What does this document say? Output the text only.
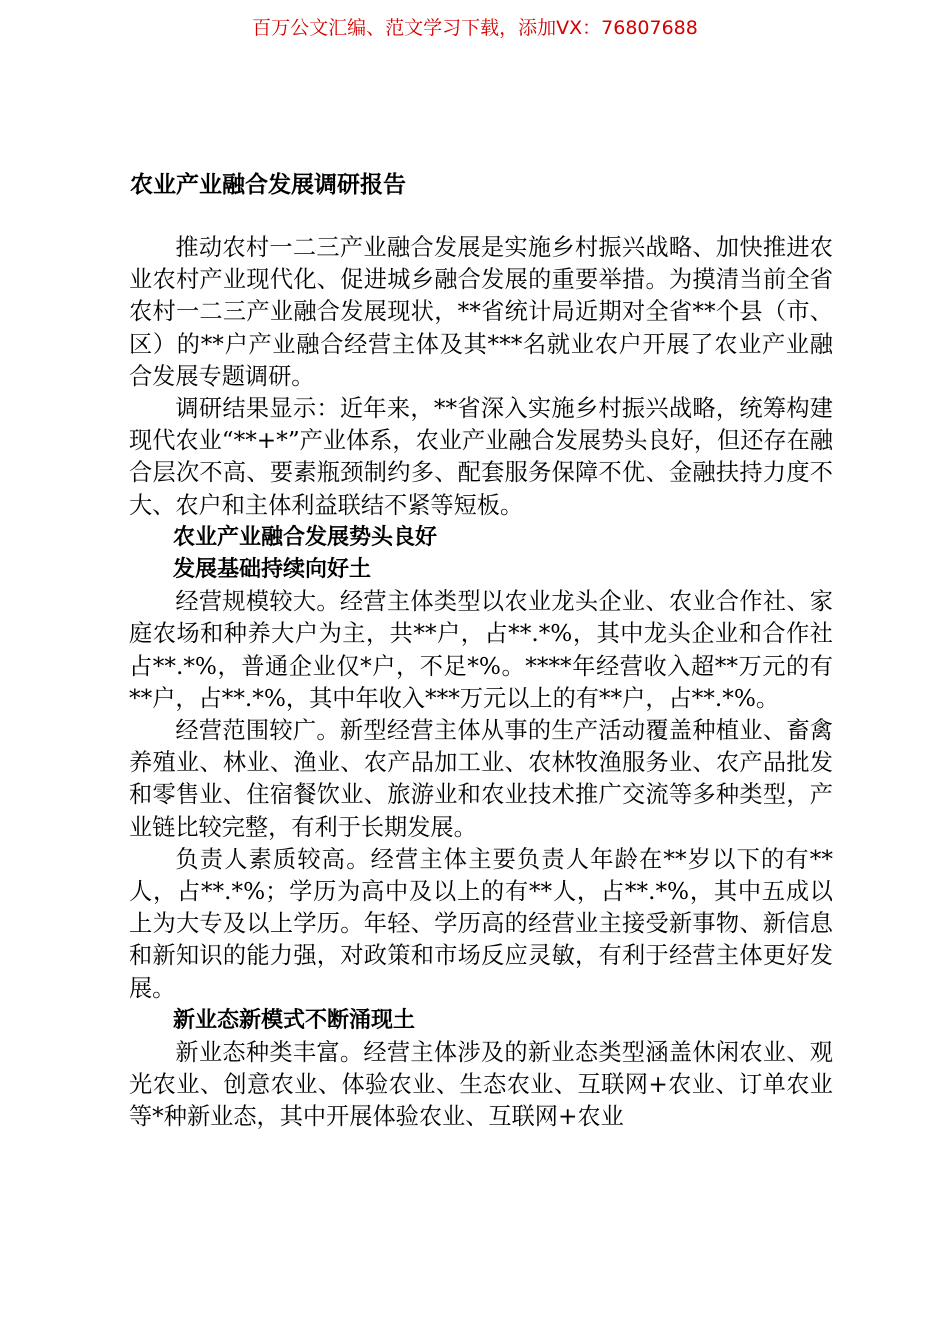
百万公文汇编、范文学习下载，添加VX：76807688
农业产业融合发展调研报告

推动农村一二三产业融合发展是实施乡村振兴战略、加快推进农业农村产业现代化、促进城乡融合发展的重要举措。为摸清当前全省农村一二三产业融合发展现状，**省统计局近期对全省**个县（市、区）的**户产业融合经营主体及其***名就业农户开展了农业产业融合发展专题调研。

调研结果显示：近年来，**省深入实施乡村振兴战略，统筹构建现代农业“**+*”产业体系，农业产业融合发展势头良好，但还存在融合层次不高、要素瓶颈制约多、配套服务保障不优、金融扶持力度不大、农户和主体利益联结不紧等短板。

农业产业融合发展势头良好
发展基础持续向好土

经营规模较大。经营主体类型以农业龙头企业、农业合作社、家庭农场和种养大户为主，共**户，占**.*%，其中龙头企业和合作社占**.*%，普通企业仅*户，不足*%。****年经营收入超**万元的有**户，占**.*%，其中年收入***万元以上的有**户，占**.*%。

经营范围较广。新型经营主体从事的生产活动覆盖种植业、畜禽养殖业、林业、渔业、农产品加工业、农林牧渔服务业、农产品批发和零售业、住宿餐饮业、旅游业和农业技术推广交流等多种类型，产业链比较完整，有利于长期发展。

负责人素质较高。经营主体主要负责人年龄在**岁以下的有**人，占**.*%；学历为高中及以上的有**人，占**.*%，其中五成以上为大专及以上学历。年轻、学历高的经营业主接受新事物、新信息和新知识的能力强，对政策和市场反应灵敏，有利于经营主体更好发展。

新业态新模式不断涌现土

新业态种类丰富。经营主体涉及的新业态类型涵盖休闲农业、观光农业、创意农业、体验农业、生态农业、互联网+农业、订单农业等*种新业态，其中开展体验农业、互联网+农业
